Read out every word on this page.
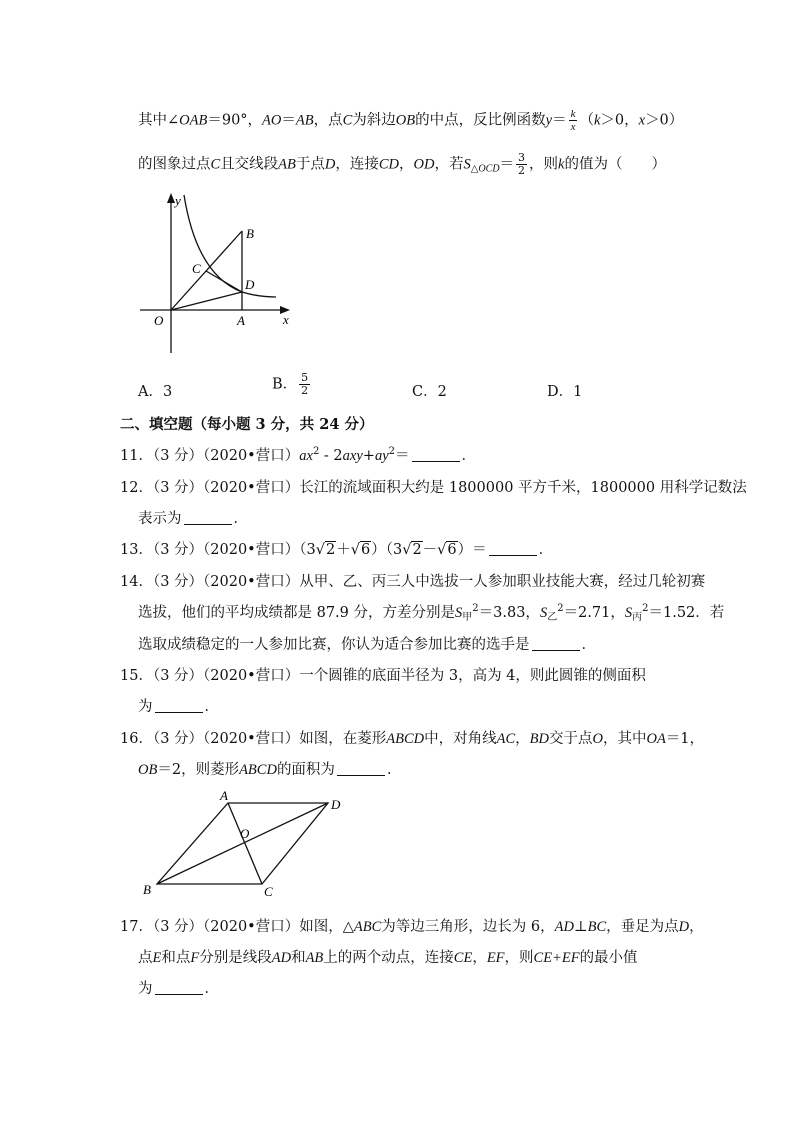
其中∠OAB＝90°，AO＝AB，点C为斜边OB的中点，反比例函数$y= \frac{k}{x} (k>0$，x＞0）
的图象过点C且交线段AB于点D，连接CD，OD，若$S_{\triangle OCD}= \frac{3}{2}$ ，则k的值为（　　）
y
x
O	A
B
C
D
A．3	B． $\frac{5}{2}$	C．2	D．1
二、填空题（每小题 3 分，共 24 分）
11．（3 分）（2020•营口）$ax^2 - 2axy+ay^2=$	．
12．（3 分）（2020•营口）长江的流域面积大约是 1800000 平方千米，1800000 用科学记数法
表示为	．
13．（3 分）（2020•营口）（3√2＋√6）（3√2－√6）＝	．
14．（3 分）（2020•营口）从甲、乙、丙三人中选拔一人参加职业技能大赛，经过几轮初赛
选拔，他们的平均成绩都是 87.9 分，方差分别是$S_甲^2=3.83$，$S_乙^2=2.71$，$S_丙^2=1.52$．若
选取成绩稳定的一人参加比赛，你认为适合参加比赛的选手是	．
15．（3 分）（2020•营口）一个圆锥的底面半径为 3，高为 4，则此圆锥的侧面积
为	．
16．（3 分）（2020•营口）如图，在菱形ABCD中，对角线AC，BD交于点O，其中OA＝1，
OB＝2，则菱形ABCD的面积为	．
A
D
B	C
O
17．（3 分）（2020•营口）如图，△ABC为等边三角形，边长为 6，AD⊥BC，垂足为点D，
点E和点F分别是线段AD和AB上的两个动点，连接CE，EF，则CE+EF的最小值
为	．
